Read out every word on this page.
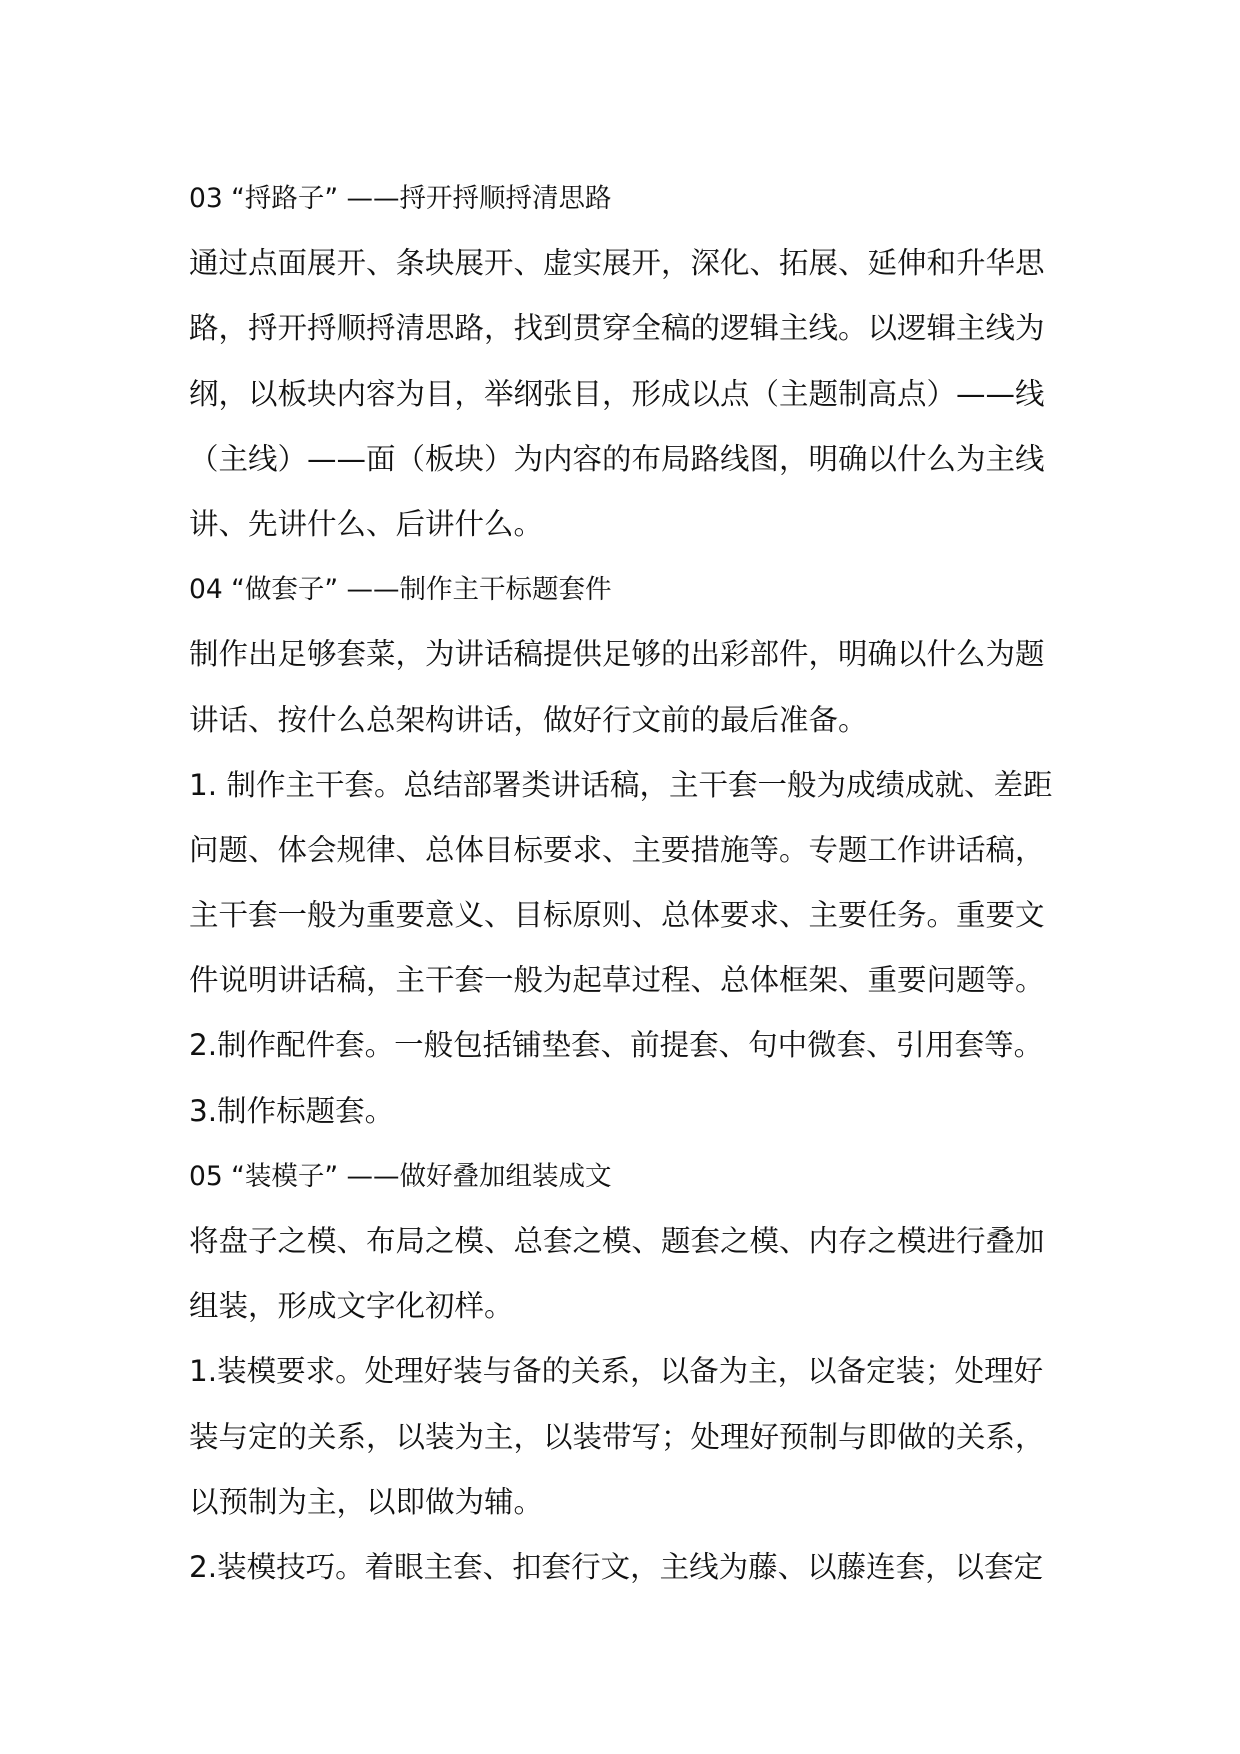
03 “捋路子” ——捋开捋顺捋清思路

通过点面展开、条块展开、虚实展开，深化、拓展、延伸和升华思

路，捋开捋顺捋清思路，找到贯穿全稿的逻辑主线。以逻辑主线为

纲，以板块内容为目，举纲张目，形成以点（主题制高点）——线

（主线）——面（板块）为内容的布局路线图，明确以什么为主线

讲、先讲什么、后讲什么。

04 “做套子” ——制作主干标题套件

制作出足够套菜，为讲话稿提供足够的出彩部件，明确以什么为题

讲话、按什么总架构讲话，做好行文前的最后准备。

1. 制作主干套。总结部署类讲话稿，主干套一般为成绩成就、差距

问题、体会规律、总体目标要求、主要措施等。专题工作讲话稿，

主干套一般为重要意义、目标原则、总体要求、主要任务。重要文

件说明讲话稿，主干套一般为起草过程、总体框架、重要问题等。

2.制作配件套。一般包括铺垫套、前提套、句中微套、引用套等。

3.制作标题套。

05 “装模子” ——做好叠加组装成文

将盘子之模、布局之模、总套之模、题套之模、内存之模进行叠加

组装，形成文字化初样。

1.装模要求。处理好装与备的关系，以备为主，以备定装；处理好

装与定的关系，以装为主，以装带写；处理好预制与即做的关系，

以预制为主，以即做为辅。

2.装模技巧。着眼主套、扣套行文，主线为藤、以藤连套，以套定
